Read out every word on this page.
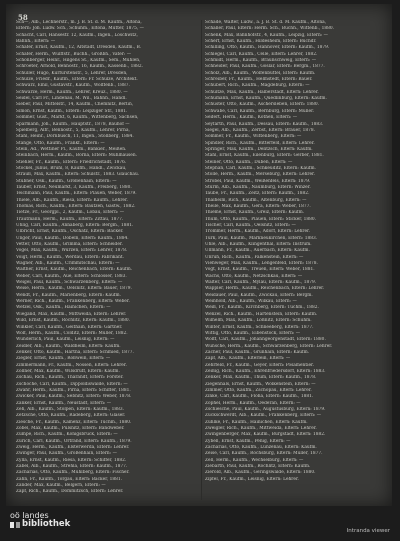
58
Sch—, Alb., Lechnerstr., m. J. B. St. d. M. Kaufm., Altona,
Eltern: Joh. Ludw. Sch., Schuhm., Eltona, Mutter, 1875, —
Schacht, Carl, Hansestr. 12, Kaufm., Ingen., Loschwitz,
Bahnh., Eltern: —
Schäfer, Ernst, Kaufm., 12, Altstadt, Dresden, Kaufm., B.
Schäfer, Herm., Wulffstr., Buchh., Großbh., Vater: —
Schönberger, Heinr., Hilgens St., Kaufm., Sem., Mühlen,
Schroeter, Arnold, Bennostr., 16, Kaufm., Kassenb., 1882.
Schüller, Hugo, Kurfürstenstr., 5, Lehrer, Dresden,
Schulze, Friedr., Kaufm., Eltern: Fr. Schulze, Architekt.
Schwarz, Emil, Gustavstr., Kaufm., Wolffenb., 1887.
Schwarze, Herm., Kaufm., Lehrer, Kreuz., 1880. —
Seidel, Carl Fr., Lindenau, M. Wil., Bahnh., Handl.
Sieber, Paul, Mittelstr., 14, Kaufm., Chemnitz, Berlin,
Simon, Ernst, Kaufm., Eltern: Leipziger Str., 1881.
Sommer, Gust., Markt, 6, Kaufm., Wittenberg, Sachsen,
Sparmann, Joh., Kaufm., Hauptstr., 1878, Bauhof —
Spielberg, Alfr., Bennostr., 5, Kaufm., Lehrer, Pirna,
Stahl, Heinr., Dornbusch, 11, Ingen., Stollberg, 1884.
Stange, Otto, Kaufm., Frankf., Eltern: —
Stein, Ad., Wettiner Pl., Kaufm., Bankier., Meißen.
Steinbach, Herm., Kaufm., Borna, Eltern: Mühlhausen.
Stiehler, Fr., Kaufm., Eltern: Friedrichstadt, 1876.
Stöckel, Julius, Brühl, 8, Kaufm., Handl., Zwickau,
Strauß, Max, Kaufm., Eltern: Schulstr., 1883. Glauchau.
Stübner, Osk., Kaufm., Großenhain, Eltern: —
Tauber, Ernst, Neumarkt, 3, Kaufm., Freiberg, 1880.
Teichmann, Paul, Kaufm., Eltern: Plauen, Weber, 1879.
Thiele, Alb., Kaufm., Riesa, Eltern: Kaufm., Lehrer.
Thomas, Rich., Kaufm., Eltern: Bautzen, Gastw., 1882.
Tietze, Fr., Georgpl., 2, Kaufm., Löbau, Eltern: —
Trautmann, Herm., Kaufm., Eltern: Zittau, 1877.
Uhlig, Carl, Kaufm., Annaberg, Eltern: Bergm., 1881.
Ulbricht, Ernst, Kaufm., Oschatz, Eltern: Bäcker.
Unger, Paul, Kaufm., Döbeln, Eltern: Kaufm., 1884.
Vetter, Otto, Kaufm., Grimma, Eltern: Schneider.
Vogel, Max, Kaufm., Wurzen, Eltern: Lehrer, 1878.
Voigt, Herm., Kaufm., Werdau, Eltern: Fabrikant.
Wagner, Alb., Kaufm., Crimmitschau, Eltern: —
Walther, Ernst, Kaufm., Reichenbach, Eltern: Kaufm.
Weber, Carl, Kaufm., Aue, Eltern: Schlosser, 1883.
Weigel, Paul, Kaufm., Schwarzenberg, Eltern: —
Weise, Herm., Kaufm., Oelsnitz, Eltern: Bauer, 1879.
Wendt, Fr., Kaufm., Marienberg, Eltern: Kaufm.
Werner, Rich., Kaufm., Frankenberg, Eltern: Weber.
Wetzel, Osk., Kaufm., Hainichen, Eltern: —
Wiegand, Max, Kaufm., Mittweida, Eltern: Lehrer.
Wild, Ernst, Kaufm., Rochlitz, Eltern: Kaufm., 1880.
Winkler, Carl, Kaufm., Geithain, Eltern: Gärtner.
Wolf, Herm., Kaufm., Colditz, Eltern: Müller, 1882.
Wunderlich, Paul, Kaufm., Leisnig, Eltern: —
Zeidler, Alb., Kaufm., Waldheim, Eltern: Kaufm.
Zenker, Otto, Kaufm., Hartha, Eltern: Schmied, 1877.
Ziegler, Ernst, Kaufm., Roßwein, Eltern: —
Zimmermann, Fr., Kaufm., Nossen, Eltern: Lehrer.
Zöllner, Max, Kaufm., Wilsdruff, Eltern: Kaufm.
Zschau, Rich., Kaufm., Tharandt, Eltern: Förster.
Zschoche, Carl, Kaufm., Dippoldiswalde, Eltern: —
Zwahr, Herm., Kaufm., Pirna, Eltern: Schiffer, 1881.
Zwicker, Paul, Kaufm., Sebnitz, Eltern: Weber, 1878.
Zänker, Ernst, Kaufm., Neustadt, Eltern: —
Zeh, Alb., Kaufm., Stolpen, Eltern: Kaufm., 1883.
Zetzsche, Otto, Kaufm., Radeberg, Eltern: Glaser.
Ziesche, Fr., Kaufm., Kamenz, Eltern: Tuchm., 1880.
Zobel, Max, Kaufm., Pulsnitz, Eltern: Bandweber.
Zumpe, Rich., Kaufm., Königsbrück, Eltern: —
Zurich, Carl, Kaufm., Ortrand, Eltern: Kaufm., 1879.
Zweig, Herm., Kaufm., Elsterwerda, Eltern: Lehrer.
Zwinger, Paul, Kaufm., Großenhain, Eltern: —
Zylla, Ernst, Kaufm., Riesa, Eltern: Schiffer, 1882.
Zabel, Alb., Kaufm., Strehla, Eltern: Kaufm., 1877.
Zacharias, Otto, Kaufm., Mühlberg, Eltern: Fischer.
Zahn, Fr., Kaufm., Torgau, Eltern: Bäcker, 1881.
Zander, Max, Kaufm., Belgern, Eltern: —
Zapf, Rich., Kaufm., Dommitzsch, Eltern: Lehrer.
Schade, Walter, Ludw., a. J. B. St. d. M. Kaufm., Altona,
Schaller, Paul, Eltern: Herm. Sch., Buchh., Wittenb., 1880.
Schenk, Max, Bahnhofstr., 4, Kaufm., Leipzig, Eltern: —
Scherf, Ernst, Kaufm., Hildesheim, Eltern: Buchdr.
Schilling, Otto, Kaufm., Hannover, Eltern: Kaufm., 1879.
Schlegel, Carl, Kaufm., Celle, Eltern: Lehrer, 1882.
Schmidt, Herm., Kaufm., Braunschweig, Eltern: —
Schneider, Paul, Kaufm., Goslar, Eltern: Bergm., 1877.
Scholz, Alb., Kaufm., Wolfenbüttel, Eltern: Kaufm.
Schreiber, Fr., Kaufm., Helmstedt, Eltern: Bauer.
Schubert, Rich., Kaufm., Magdeburg, Eltern: —
Schultze, Max, Kaufm., Halberstadt, Eltern: Lehrer.
Schumann, Ernst, Kaufm., Quedlinburg, Eltern: Kaufm.
Schuster, Otto, Kaufm., Aschersleben, Eltern: 1880.
Schwabe, Carl, Kaufm., Bernburg, Eltern: Müller.
Seifert, Herm., Kaufm., Köthen, Eltern: —
Seyfarth, Paul, Kaufm., Dessau, Eltern: Kaufm., 1883.
Siegel, Alb., Kaufm., Zerbst, Eltern: Brauer, 1878.
Sommer, Fr., Kaufm., Wittenberg, Eltern: —
Spindler, Rich., Kaufm., Bitterfeld, Eltern: Lehrer.
Springer, Max, Kaufm., Delitzsch, Eltern: Kaufm.
Stahl, Ernst, Kaufm., Eilenburg, Eltern: Gerber, 1881.
Steiner, Otto, Kaufm., Düben, Eltern: —
Stephan, Carl, Kaufm., Schkeuditz, Eltern: Kaufm.
Stolle, Herm., Kaufm., Merseburg, Eltern: Lehrer.
Strobel, Paul, Kaufm., Weißenfels, Eltern: 1879.
Sturm, Alb., Kaufm., Naumburg, Eltern: Winzer.
Taube, Fr., Kaufm., Zeitz, Eltern: Kaufm., 1882.
Thalheim, Rich., Kaufm., Altenburg, Eltern: —
Theile, Max, Kaufm., Gera, Eltern: Weber, 1877.
Thieme, Ernst, Kaufm., Greiz, Eltern: Kaufm.
Thum, Otto, Kaufm., Plauen, Eltern: Sticker, 1880.
Tischer, Carl, Kaufm., Oelsnitz, Eltern: —
Trommer, Herm., Kaufm., Adorf, Eltern: Lehrer.
Türk, Paul, Kaufm., Markneukirchen, Eltern: 1883.
Uhle, Alb., Kaufm., Klingenthal, Eltern: Instrum.
Ullmann, Fr., Kaufm., Auerbach, Eltern: Kaufm.
Unruh, Rich., Kaufm., Falkenstein, Eltern: —
Viehweger, Max, Kaufm., Lengenfeld, Eltern: 1878.
Vogt, Ernst, Kaufm., Treuen, Eltern: Weber, 1881.
Wachs, Otto, Kaufm., Netzschkau, Eltern: —
Walter, Carl, Kaufm., Mylau, Eltern: Kaufm., 1879.
Wappler, Herm., Kaufm., Reichenbach, Eltern: Lehrer.
Weidauer, Paul, Kaufm., Zwickau, Eltern: Bergm.
Weinhold, Alb., Kaufm., Wilkau, Eltern: —
Weiß, Fr., Kaufm., Kirchberg, Eltern: Tuchm., 1882.
Wenzel, Rich., Kaufm., Hartenstein, Eltern: Kaufm.
Wilhelm, Max, Kaufm., Lößnitz, Eltern: Schuhm.
Winter, Ernst, Kaufm., Schneeberg, Eltern: 1877.
Wittig, Otto, Kaufm., Eibenstock, Eltern: —
Wolff, Carl, Kaufm., Johanngeorgenstadt, Eltern: 1880.
Wünsche, Herm., Kaufm., Schwarzenberg, Eltern: Lehrer.
Zacher, Paul, Kaufm., Grünhain, Eltern: Kaufm.
Zapf, Alb., Kaufm., Elterlein, Eltern: —
Zehrfeld, Fr., Kaufm., Geyer, Eltern: Posamentier.
Zeißig, Rich., Kaufm., Ehrenfriedersdorf, Eltern: 1883.
Zenker, Max, Kaufm., Thum, Eltern: Kaufm., 1878.
Ziegenhals, Ernst, Kaufm., Wolkenstein, Eltern: —
Zimmer, Otto, Kaufm., Zschopau, Eltern: Lehrer.
Zinke, Carl, Kaufm., Flöha, Eltern: Kaufm., 1881.
Zöphel, Herm., Kaufm., Oederan, Eltern: —
Zschiesche, Paul, Kaufm., Augustusburg, Eltern: 1879.
Zuckschwerdt, Alb., Kaufm., Frankenberg, Eltern: —
Zühlke, Fr., Kaufm., Hainichen, Eltern: Kaufm.
Zweigler, Rich., Kaufm., Mittweida, Eltern: Lehrer.
Zwingenberger, Max, Kaufm., Burgstädt, Eltern: 1882.
Zybell, Ernst, Kaufm., Penig, Eltern: —
Zacharias, Otto, Kaufm., Lunzenau, Eltern: Kaufm.
Zeise, Carl, Kaufm., Rochsburg, Eltern: Müller, 1877.
Zell, Herm., Kaufm., Wechselburg, Eltern: —
Ziebarth, Paul, Kaufm., Rochlitz, Eltern: Kaufm.
Zierold, Alb., Kaufm., Geringswalde, Eltern: 1880.
Zipfel, Fr., Kaufm., Leisnig, Eltern: Lehrer.
oö landes
bibliothek
Intranda viewer
